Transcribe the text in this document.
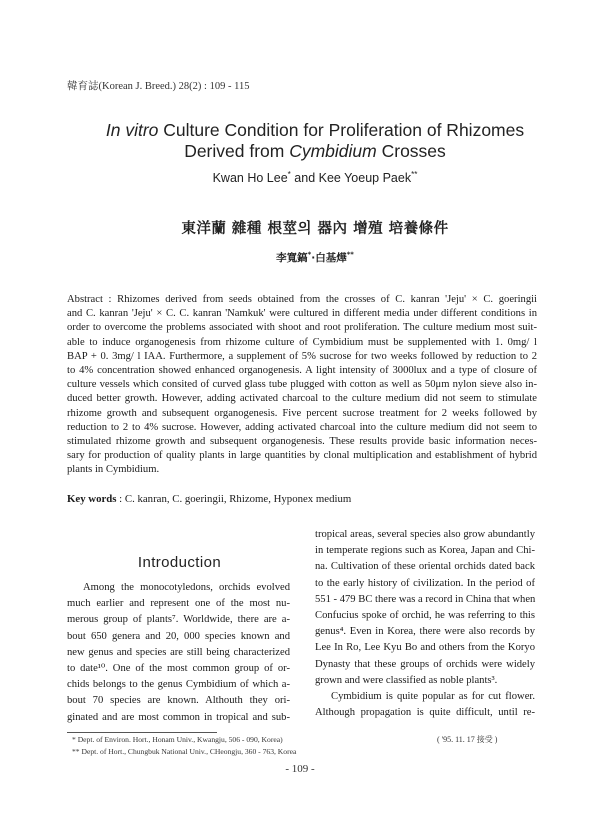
韓育誌(Korean J. Breed.) 28(2) : 109 - 115
In vitro Culture Condition for Proliferation of Rhizomes
Derived from Cymbidium Crosses
Kwan Ho Lee* and Kee Yoeup Paek**
東洋蘭 雜種 根莖의 器內 增殖 培養條件
李寬鎬*·白基燁**
Abstract : Rhizomes derived from seeds obtained from the crosses of C. kanran 'Jeju' × C. goeringii
and C. kanran 'Jeju' × C. C. kanran 'Namkuk' were cultured in different media under different conditions in
order to overcome the problems associated with shoot and root proliferation. The culture medium most suit-
able to induce organogenesis from rhizome culture of Cymbidium must be supplemented with 1. 0mg/ l
BAP + 0. 3mg/ l IAA. Furthermore, a supplement of 5% sucrose for two weeks followed by reduction to 2
to 4% concentration showed enhanced organogenesis. A light intensity of 3000lux and a type of closure of
culture vessels which consited of curved glass tube plugged with cotton as well as 50μm nylon sieve also in-
duced better growth. However, adding activated charcoal to the culture medium did not seem to stimulate
rhizome growth and subsequent organogenesis. Five percent sucrose treatment for 2 weeks followed by
reduction to 2 to 4% sucrose. However, adding activated charcoal into the culture medium did not seem to
stimulated rhizome growth and subsequent organogenesis. These results provide basic information neces-
sary for production of quality plants in large quantities by clonal multiplication and establishment of hybrid
plants in Cymbidium.
Key words : C. kanran, C. goeringii, Rhizome, Hyponex medium
Introduction
Among the monocotyledons, orchids evolved
much earlier and represent one of the most nu-
merous group of plants⁷. Worldwide, there are a-
bout 650 genera and 20, 000 species known and
new genus and species are still being characterized
to date¹⁰. One of the most common group of or-
chids belongs to the genus Cymbidium of which a-
bout 70 species are known. Althouth they ori-
ginated and are most common in tropical and sub-
tropical areas, several species also grow abundantly
in temperate regions such as Korea, Japan and Chi-
na. Cultivation of these oriental orchids dated back
to the early history of civilization. In the period of
551 - 479 BC there was a record in China that when
Confucius spoke of orchid, he was referring to this
genus⁴. Even in Korea, there were also records by
Lee In Ro, Lee Kyu Bo and others from the Koryo
Dynasty that these groups of orchids were widely
grown and were classified as noble plants³.
Cymbidium is quite popular as for cut flower.
Although propagation is quite difficult, until re-
* Dept. of Environ. Hort., Honam Univ., Kwangju, 506 - 090, Korea)
** Dept. of Hort., Chungbuk National Univ., CHeongju, 360 - 763, Korea
( '95. 11. 17 接受 )
- 109 -
